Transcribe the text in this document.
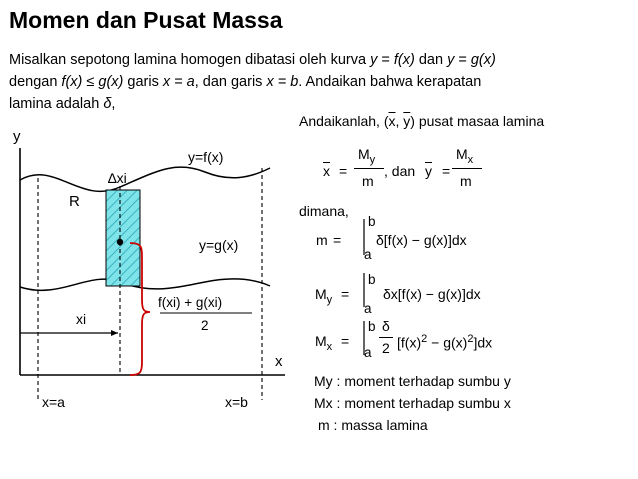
Momen dan Pusat Massa
Misalkan sepotong lamina homogen dibatasi oleh kurva y = f(x) dan y = g(x)
dengan f(x) ≤ g(x) garis x = a, dan garis x = b. Andaikan bahwa kerapatan
lamina adalah δ,
Andaikanlah, ($\overline{x}$, $\overline{y}$) pusat masaa lamina
y
x
y=f(x)
y=g(x)
R
∆xi
xi
f(xi) + g(xi)
2
x=a	x=b
$\overline{x}$ =
$M_y$
m
, dan $\overline{y}$ =
$M_x$
m
dimana,
m =
b
a
δ[f(x) − g(x)]dx
$M_y$ =
b
a
δx[f(x) − g(x)]dx
$M_x$ =
b
a
δ
2 $[f(x)^2 - g(x)^2]dx$
My : moment terhadap sumbu y
Mx : moment terhadap sumbu x
m : massa lamina
